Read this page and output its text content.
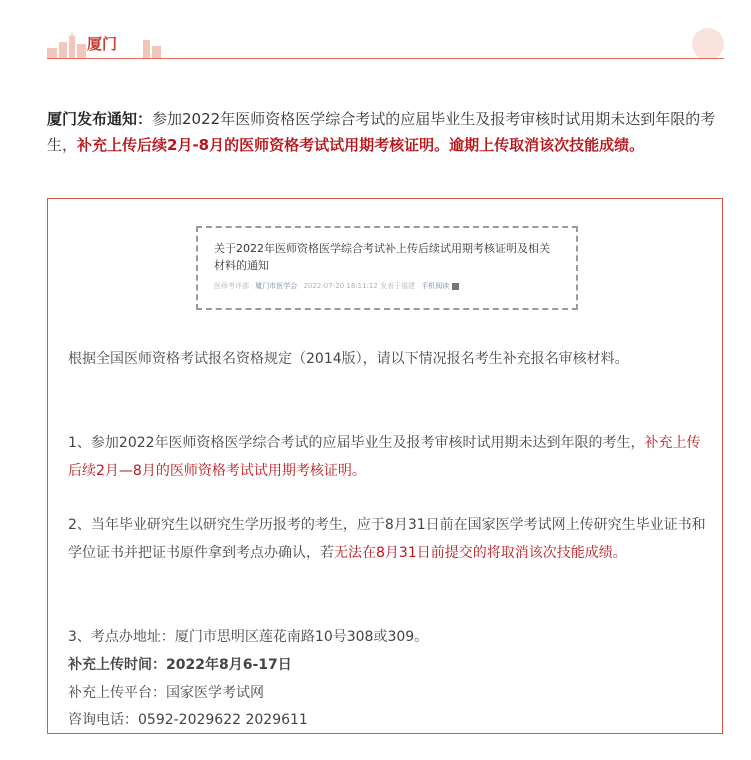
厦门

厦门发布通知：参加2022年医师资格医学综合考试的应届毕业生及报考审核时试用期未达到年限的考生，补充上传后续2月-8月的医师资格考试试用期考核证明。逾期上传取消该次技能成绩。

关于2022年医师资格医学综合考试补上传后续试用期考核证明及相关材料的通知

医师考评部 厦门市医学会 2022-07-20 18:11:12 发表于福建 手机阅读

根据全国医师资格考试报名资格规定（2014版），请以下情况报名考生补充报名审核材料。

1、参加2022年医师资格医学综合考试的应届毕业生及报考审核时试用期未达到年限的考生，补充上传后续2月—8月的医师资格考试试用期考核证明。

2、当年毕业研究生以研究生学历报考的考生，应于8月31日前在国家医学考试网上传研究生毕业证书和学位证书并把证书原件拿到考点办确认，若无法在8月31日前提交的将取消该次技能成绩。

3、考点办地址：厦门市思明区莲花南路10号308或309。

补充上传时间：2022年8月6-17日

补充上传平台：国家医学考试网

咨询电话：0592-2029622 2029611
